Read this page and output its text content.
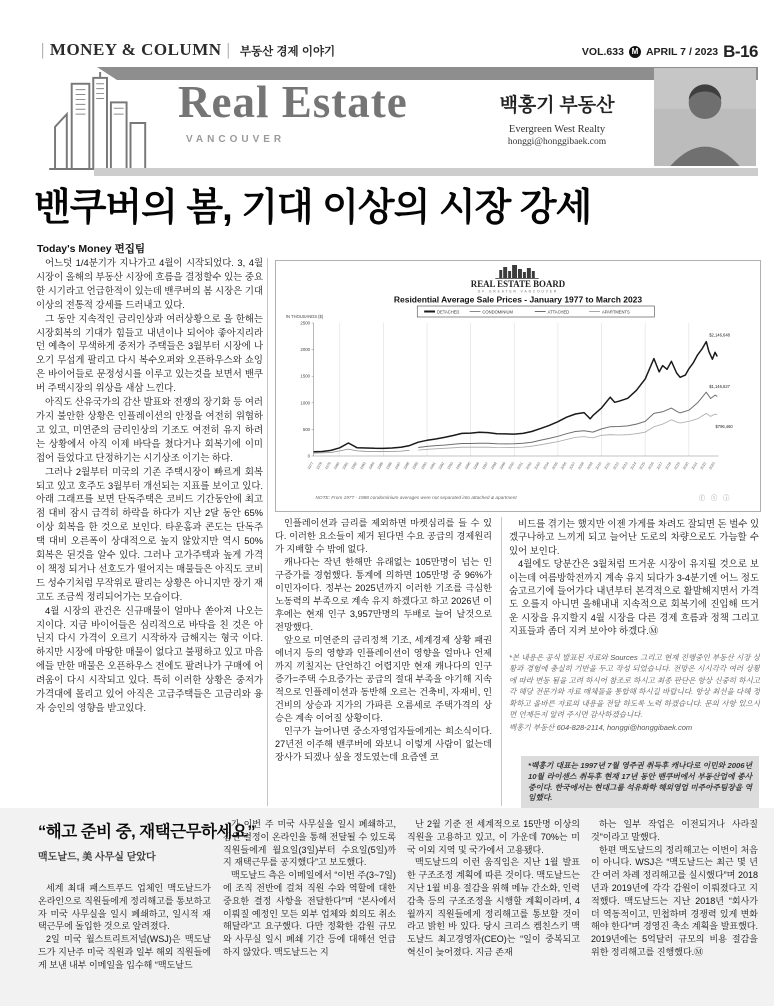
| MONEY & COLUMN | 부동산 경제 이야기	VOL.633 M APRIL 7 / 2023 B-16
Real Estate
VANCOUVER
백홍기 부동산
Evergreen West Realty
honggi@honggibaek.com
밴쿠버의 봄, 기대 이상의 시장 강세
Today's Money 편집팀

어느덧 1/4분기가 지나가고 4월이 시작되었다. 3, 4월 시장이 올해의 부동산 시장에 흐름을 결정할수 있는 중요한 시기라고 언급한적이 있는데 밴쿠버의 봄 시장은 기대 이상의 전통적 강세를 드러내고 있다.

그 동안 지속적인 금리인상과 여러상황으로 올 한해는 시장회복의 기대가 힘들고 내년이나 되어야 좋아지리라던 예측이 무색하게 중저가 주택들은 3월부터 시장에 나오기 무섭게 팔리고 다시 복수오퍼와 오픈하우스와 쇼잉은 바이어들로 문정성시를 이루고 있는것을 보면서 밴쿠버 주택시장의 위상을 새삼 느낀다.

아직도 산유국가의 감산 발표와 전쟁의 장기화 등 여러가지 불안한 상황은 인플레이션의 안정을 여전히 위협하고 있고, 미연준의 금리인상의 기조도 여전히 유지 하려는 상황에서 아직 이제 바닥을 쳤다거나 회복기에 이미 접어 들었다고 단정하기는 시기상조 이기는 하다.

그러나 2월부터 미국의 기존 주택시장이 빠르게 회복되고 있고 호주도 3월부터 개선되는 지표를 보이고 있다. 아래 그래프를 보면 단독주택은 코비드 기간동안에 최고점 대비 잠시 급격히 하락을 하다가 지난 2달 동안 65% 이상 회복을 한 것으로 보인다. 타운홈과 콘도는 단독주택 대비 오른폭이 상대적으로 높지 않았지만 역시 50% 회복은 된것을 알수 있다. 그러나 고가주택과 높게 가격이 책정 되거나 선호도가 떨어지는 매물들은 아직도 코비드 성수기처럼 무작위로 팔리는 상황은 아니지만 장기 재고도 조금씩 정리되어가는 모습이다.

4월 시장의 관건은 신규매물이 얼마나 쏟아져 나오는지이다. 지금 바이어들은 심리적으로 바닥을 친 것은 아닌지 다시 가격이 오르기 시작하자 급해지는 형국 이다. 하지만 시장에 마땅한 매물이 없다고 불평하고 있고 마음에들 만한 매물은 오픈하우스 전에도 팔려나가 구매에 어려움이 다시 시작되고 있다. 특히 이러한 상황은 중저가 가격대에 몰리고 있어 아직은 고급주택들은 고금리와 융자 승인의 영향을 받고있다.

REAL ESTATE BOARD
OF GREATER VANCOUVER
Residential Average Sale Prices - January 1977 to March 2023
IN THOUSANDS ($)
NOTE: From 1977 - 1988 condominium averages were not separated into attached & apartment	ⓕ ⓣ ⓘ
0
500
1000
1500
2000
2500
1977 1978 1979 1980 1981 1982 1983 1984 1985 1986 1987 1988 1989 1990 1991 1992 1993 1994 1995 1996 1997 1998 1999 2000 2001 2002 2003 2004 2005 2006 2007 2008 2009 2010 2011 2012 2013 2014 2015 2016 2017 2018 2019 2020 2021 2022 2023
DETACHED	CONDOMINIUM	ATTACHED	APARTMENTS
$2,146,648
$1,146,627
$796,460

인플레이션과 금리를 제외하면 마켓심리를 들 수 있다. 이러한 요소들이 제거 된다면 수요 공급의 경제원리가 지배할 수 밖에 없다.

캐나다는 작년 한해만 유래없는 105만명이 넘는 인구증가를 경험했다. 통계에 의하면 105만명 중 96%가 이민자이다. 정부는 2025년까지 이러한 기조를 극심한 노동력의 부족으로 계속 유지 하겠다고 하고 2026년 이후에는 현재 인구 3,957만명의 두배로 늘어 날것으로 전망했다.

앞으로 미연준의 금리정책 기조, 세계경제 상황 패권 에너지 등의 영향과 인플레이션이 영향을 얼마나 언제까지 끼칠지는 단언하긴 어렵지만 현재 캐나다의 인구증가=주택 수요증가는 공급의 절대 부족을 야기해 지속적으로 인플레이션과 동반해 오르는 건축비, 자재비, 인건비의 상승과 지가의 가파른 오름세로 주택가격의 상승은 계속 이어질 상황이다.

인구가 늘어나면 중소자영업자들에게는 희소식이다. 27년전 이주해 밴쿠버에 와보니 이렇게 사람이 없는데 장사가 되겠나 싶을 정도였는데 요즘엔 코

비드를 겪기는 했지만 이젠 가게를 차려도 잘되면 돈 벌수 있겠구나하고 느끼게 되고 늘어난 도로의 차량으로도 가늠할 수 있어 보인다.

4월에도 당분간은 3월처럼 뜨거운 시장이 유지될 것으로 보이는데 여름방학전까지 계속 유지 되다가 3-4분기엔 어느 정도 숨고르기에 들어가다 내년부터 본격적으로 활발해지면서 가격도 오를지 아니면 올해내내 지속적으로 회복기에 진입해 뜨거운 시장을 유지할지 4월 시장을 다른 경제 흐름과 정책 그리고 지표들과 좀더 지켜 보아야 하겠다.Ⓜ

*본 내용은 공식 발표된 자료와 Sources 그리고 현재 진행중인 부동산 시장 상황과 경험에 충실히 기반을 두고 작성 되었습니다. 전망은 시시각각 여러 상황에 따라 변동 됨을 고려 하시어 참조로 하시고 최종 판단은 항상 신중히 하시고 각 해당 전문가와 자료 매체들을 통합해 하시길 바랍니다. 항상 최선을 다해 정확하고 올바른 자료의 내용을 전달 하도록 노력 하겠습니다. 문의 사항 있으시면 언제든지 알려 주시면 감사하겠습니다.
백홍기 부동산 604-828-2114, honggi@honggibaek.com
*백홍기 대표는 1997년 7월 영주권 취득후 캐나다로 이민와 2006년 10월 라이센스 취득후 현재 17년 동안 밴쿠버에서 부동산업에 종사 중이다. 한국에서는 현대그룹 석유화학 해외영업 미주아주팀장을 역임했다.
“해고 준비 중, 재택근무하세요”
맥도날드, 美 사무실 닫았다

세계 최대 패스트푸드 업체인 맥도날드가 온라인으로 직원들에게 정리해고를 통보하고자 미국 사무실을 일시 폐쇄하고, 일시적 재택근무에 돌입한 것으로 알려졌다.

2일 미국 월스트리트저널(WSJ)은 맥도날드가 지난주 미국 직원과 일부 해외 직원들에게 보낸 내부 이메일을 입수해 “맥도날드

가 이번 주 미국 사무실을 일시 폐쇄하고, 감원 결정이 온라인을 통해 전달될 수 있도록 직원들에게 월요일(3일)부터 수요일(5일)까지 재택근무를 공지했다”고 보도했다.

맥도날드 측은 이메일에서 “이번 주(3~7일)에 조직 전반에 걸쳐 직원 수와 역할에 대한 중요한 결정 사항을 전달한다”며 “본사에서 이뤄질 예정인 모든 외부 업체와 회의도 취소해달라”고 요구했다. 다만 정확한 감원 규모와 사무실 일시 폐쇄 기간 등에 대해선 언급하지 않았다. 맥도날드는 지

난 2월 기준 전 세계적으로 15만명 이상의 직원을 고용하고 있고, 이 가운데 70%는 미국 이외 지역 및 국가에서 고용됐다.

맥도날드의 이런 움직임은 지난 1월 발표한 구조조정 계획에 따른 것이다. 맥도날드는 지난 1월 비용 절감을 위해 메뉴 간소화, 인력 감축 등의 구조조정을 시행할 계획이라며, 4월까지 직원들에게 정리해고를 통보할 것이라고 밝힌 바 있다. 당시 크리스 켐친스키 맥도날드 최고경영자(CEO)는 “일이 중복되고 혁신이 늦어졌다. 지금 존재

하는 일부 작업은 이전되거나 사라질 것”이라고 말했다.

한편 맥도날드의 정리해고는 이번이 처음이 아니다. WSJ은 “맥도날드는 최근 몇 년간 여러 차례 정리해고를 실시했다”며 2018년과 2019년에 각각 감원이 이뤄졌다고 지적했다. 맥도날드는 지난 2018년 “회사가 더 역동적이고, 민첩하며 경쟁력 있게 변화해야 한다”며 경영진 축소 계획을 발표했다. 2019년에는 5억달러 규모의 비용 절감을 위한 정리해고를 진행했다.Ⓜ
